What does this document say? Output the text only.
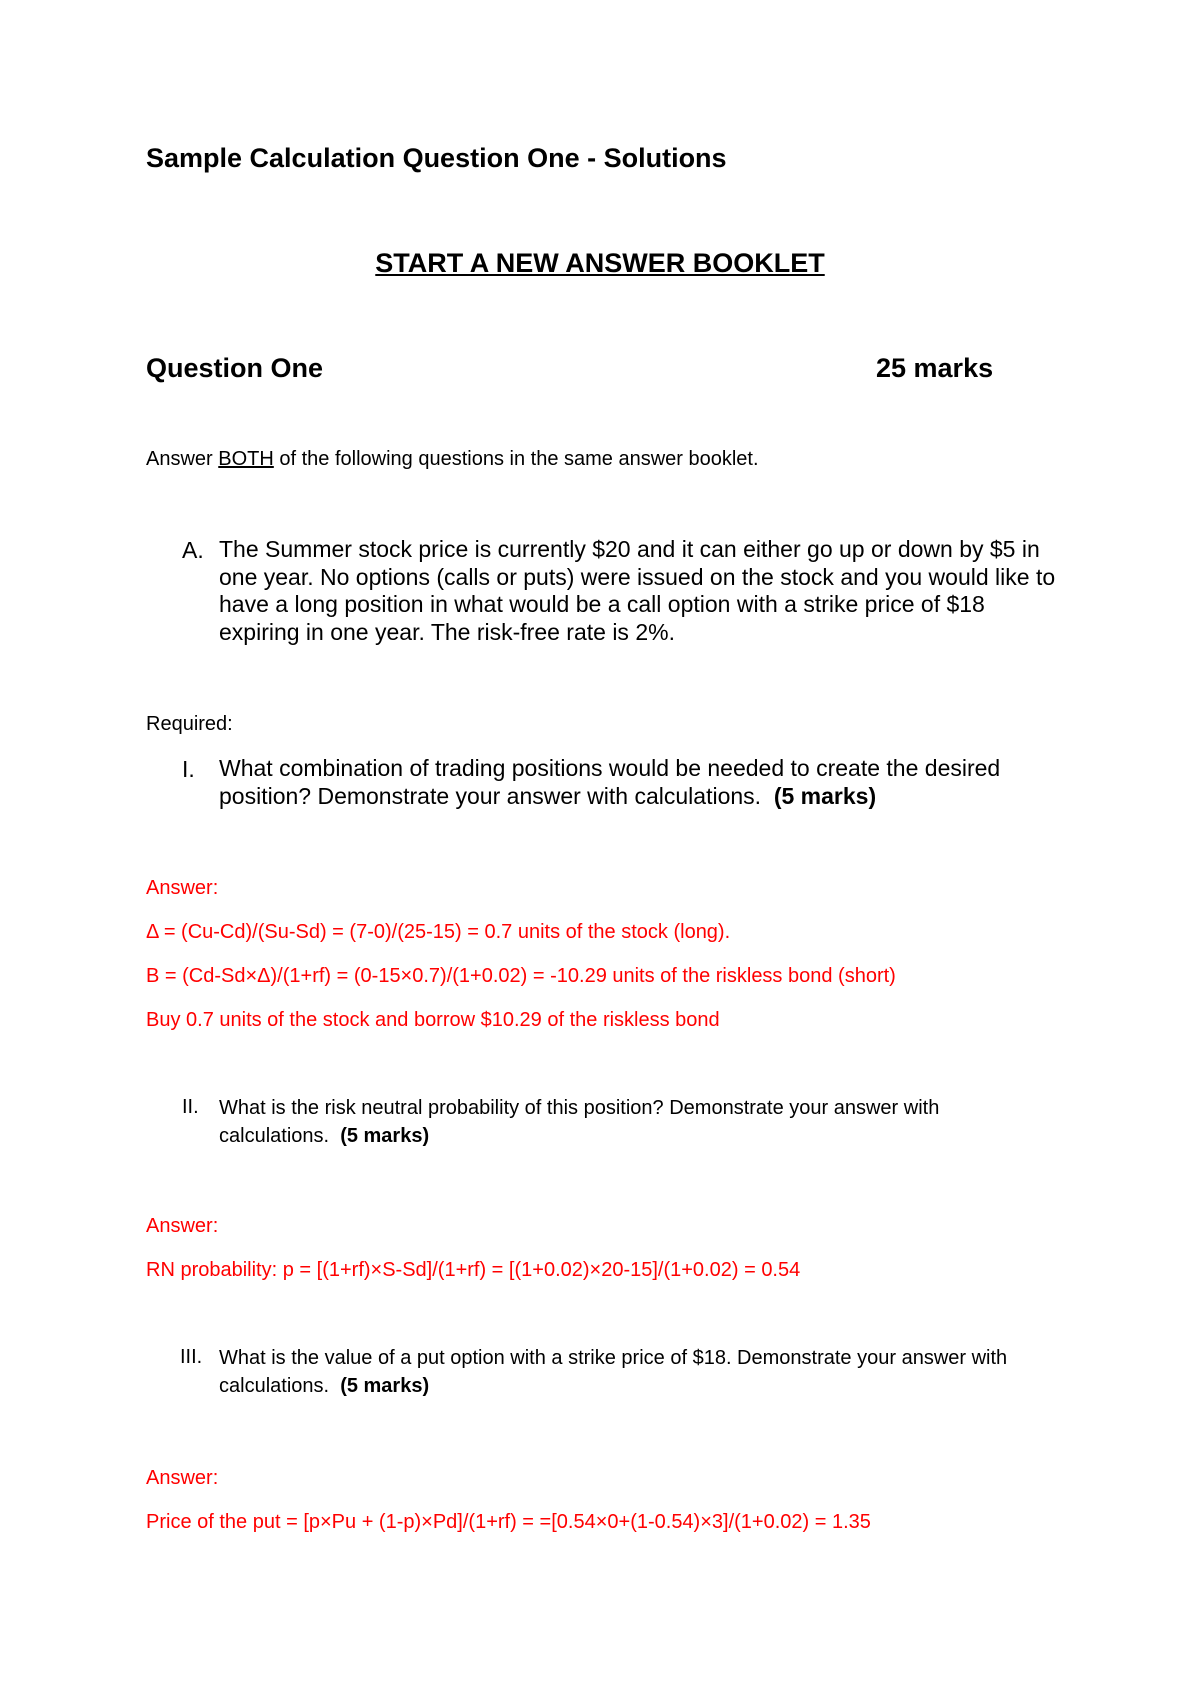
Sample Calculation Question One - Solutions
START A NEW ANSWER BOOKLET
Question One	25 marks
Answer BOTH of the following questions in the same answer booklet.
A. The Summer stock price is currently $20 and it can either go up or down by $5 in one year. No options (calls or puts) were issued on the stock and you would like to have a long position in what would be a call option with a strike price of $18 expiring in one year. The risk-free rate is 2%.
Required:
I. What combination of trading positions would be needed to create the desired position? Demonstrate your answer with calculations. (5 marks)
Answer:
Δ = (Cu-Cd)/(Su-Sd) = (7-0)/(25-15) = 0.7 units of the stock (long).
B = (Cd-Sd×Δ)/(1+rf) = (0-15×0.7)/(1+0.02) = -10.29 units of the riskless bond (short)
Buy 0.7 units of the stock and borrow $10.29 of the riskless bond
II. What is the risk neutral probability of this position? Demonstrate your answer with calculations. (5 marks)
Answer:
RN probability: p = [(1+rf)×S-Sd]/(1+rf) = [(1+0.02)×20-15]/(1+0.02) = 0.54
III. What is the value of a put option with a strike price of $18. Demonstrate your answer with calculations. (5 marks)
Answer:
Price of the put = [p×Pu + (1-p)×Pd]/(1+rf) = =[0.54×0+(1-0.54)×3]/(1+0.02) = 1.35
